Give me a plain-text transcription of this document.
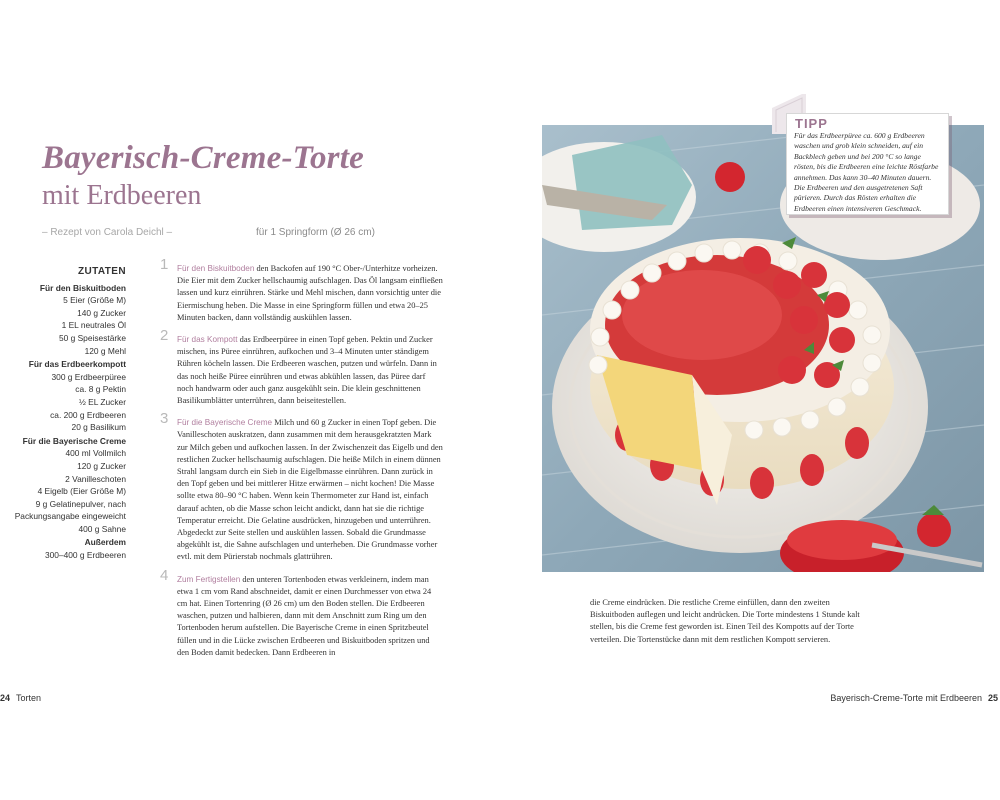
Bayerisch-Creme-Torte
mit Erdbeeren
– Rezept von Carola Deichl –	für 1 Springform (Ø 26 cm)
ZUTATEN
Für den Biskuitboden
5 Eier (Größe M)
140 g Zucker
1 EL neutrales Öl
50 g Speisestärke
120 g Mehl
Für das Erdbeerkompott
300 g Erdbeerpüree
ca. 8 g Pektin
½ EL Zucker
ca. 200 g Erdbeeren
20 g Basilikum
Für die Bayerische Creme
400 ml Vollmilch
120 g Zucker
2 Vanilleschoten
4 Eigelb (Eier Größe M)
9 g Gelatinepulver, nach
Packungsangabe eingeweicht
400 g Sahne
Außerdem
300–400 g Erdbeeren
1 Für den Biskuitboden den Backofen auf 190 °C Ober-/Unterhitze vorheizen. Die Eier mit dem Zucker hellschaumig aufschlagen. Das Öl langsam einfließen lassen und kurz einrühren. Stärke und Mehl mischen, dann vorsichtig unter die Eiermischung heben. Die Masse in eine Springform füllen und etwa 20–25 Minuten backen, dann vollständig auskühlen lassen.
2 Für das Kompott das Erdbeerpüree in einen Topf geben. Pektin und Zucker mischen, ins Püree einrühren, aufkochen und 3–4 Minuten unter ständigem Rühren köcheln lassen. Die Erdbeeren waschen, putzen und würfeln. Dann in das noch heiße Püree einrühren und etwas abkühlen lassen, das Püree darf noch handwarm oder auch ganz ausgekühlt sein. Die klein geschnittenen Basilikumblätter unterrühren, dann beiseitestellen.
3 Für die Bayerische Creme Milch und 60 g Zucker in einen Topf geben. Die Vanilleschoten auskratzen, dann zusammen mit dem herausgekratzten Mark zur Milch geben und aufkochen lassen. In der Zwischenzeit das Eigelb und den restlichen Zucker hellschaumig aufschlagen. Die heiße Milch in einem dünnen Strahl langsam durch ein Sieb in die Eigelbmasse einrühren. Dann zurück in den Topf geben und bei mittlerer Hitze erwärmen – nicht kochen! Die Masse sollte etwa 80–90 °C haben. Wenn kein Thermometer zur Hand ist, einfach darauf achten, ob die Masse schon leicht andickt, dann hat sie die richtige Temperatur erreicht. Die Gelatine ausdrücken, hinzugeben und unterrühren. Abgedeckt zur Seite stellen und auskühlen lassen. Sobald die Grundmasse abgekühlt ist, die Sahne aufschlagen und unterheben. Die Grundmasse vorher evtl. mit dem Pürierstab nochmals glattrühren.
4 Zum Fertigstellen den unteren Tortenboden etwas verkleinern, indem man etwa 1 cm vom Rand abschneidet, damit er einen Durchmesser von etwa 24 cm hat. Einen Tortenring (Ø 26 cm) um den Boden stellen. Die Erdbeeren waschen, putzen und halbieren, dann mit dem Anschnitt zum Ring um den Tortenboden herum aufstellen. Die Bayerische Creme in einen Spritzbeutel füllen und in die Lücke zwischen Erdbeeren und Biskuitboden spritzen und den Boden damit bedecken. Dann Erdbeeren in
24 Torten
TIPP
Für das Erdbeerpüree ca. 600 g Erdbeeren waschen und grob klein schneiden, auf ein Backblech geben und bei 200 °C so lange rösten, bis die Erdbeeren eine leichte Röstfarbe annehmen. Das kann 30–40 Minuten dauern. Die Erdbeeren und den ausgetretenen Saft pürieren. Durch das Rösten erhalten die Erdbeeren einen intensiveren Geschmack.
die Creme eindrücken. Die restliche Creme einfüllen, dann den zweiten Biskuitboden auflegen und leicht andrücken. Die Torte mindestens 1 Stunde kalt stellen, bis die Creme fest geworden ist. Einen Teil des Kompotts auf der Torte verteilen. Die Tortenstücke dann mit dem restlichen Kompott servieren.
Bayerisch-Creme-Torte mit Erdbeeren 25
